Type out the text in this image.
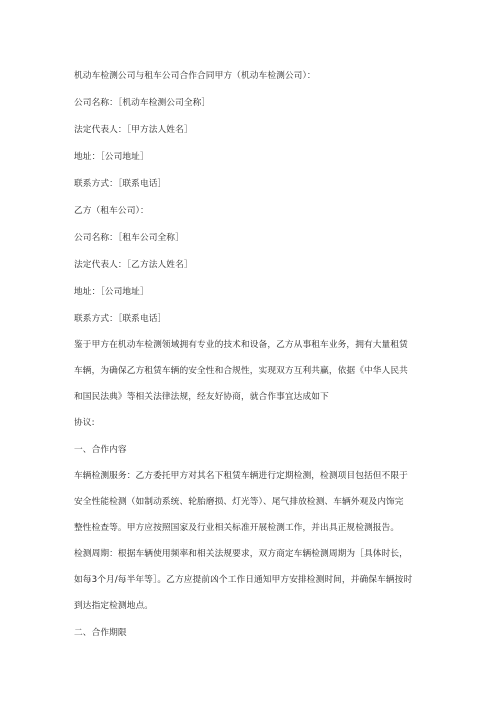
机动车检测公司与租车公司合作合同甲方（机动车检测公司）：
公司名称：［机动车检测公司全称］
法定代表人：［甲方法人姓名］
地址：［公司地址］
联系方式：［联系电话］
乙方（租车公司）：
公司名称：［租车公司全称］
法定代表人：［乙方法人姓名］
地址：［公司地址］
联系方式：［联系电话］
鉴于甲方在机动车检测领域拥有专业的技术和设备，乙方从事租车业务，拥有大量租赁
车辆，为确保乙方租赁车辆的安全性和合规性，实现双方互利共赢，依据《中华人民共
和国民法典》等相关法律法规，经友好协商，就合作事宜达成如下
协议:
一、合作内容
车辆检测服务：乙方委托甲方对其名下租赁车辆进行定期检测，检测项目包括但不限于
安全性能检测（如制动系统、轮胎磨损、灯光等）、尾气排放检测、车辆外观及内饰完
整性检查等。甲方应按照国家及行业相关标准开展检测工作，并出具正规检测报告。
检测周期：根据车辆使用频率和相关法规要求，双方商定车辆检测周期为［具体时长，
如每3个月/每半年等］。乙方应提前凶个工作日通知甲方安排检测时间，并确保车辆按时
到达指定检测地点。
二、合作期限
